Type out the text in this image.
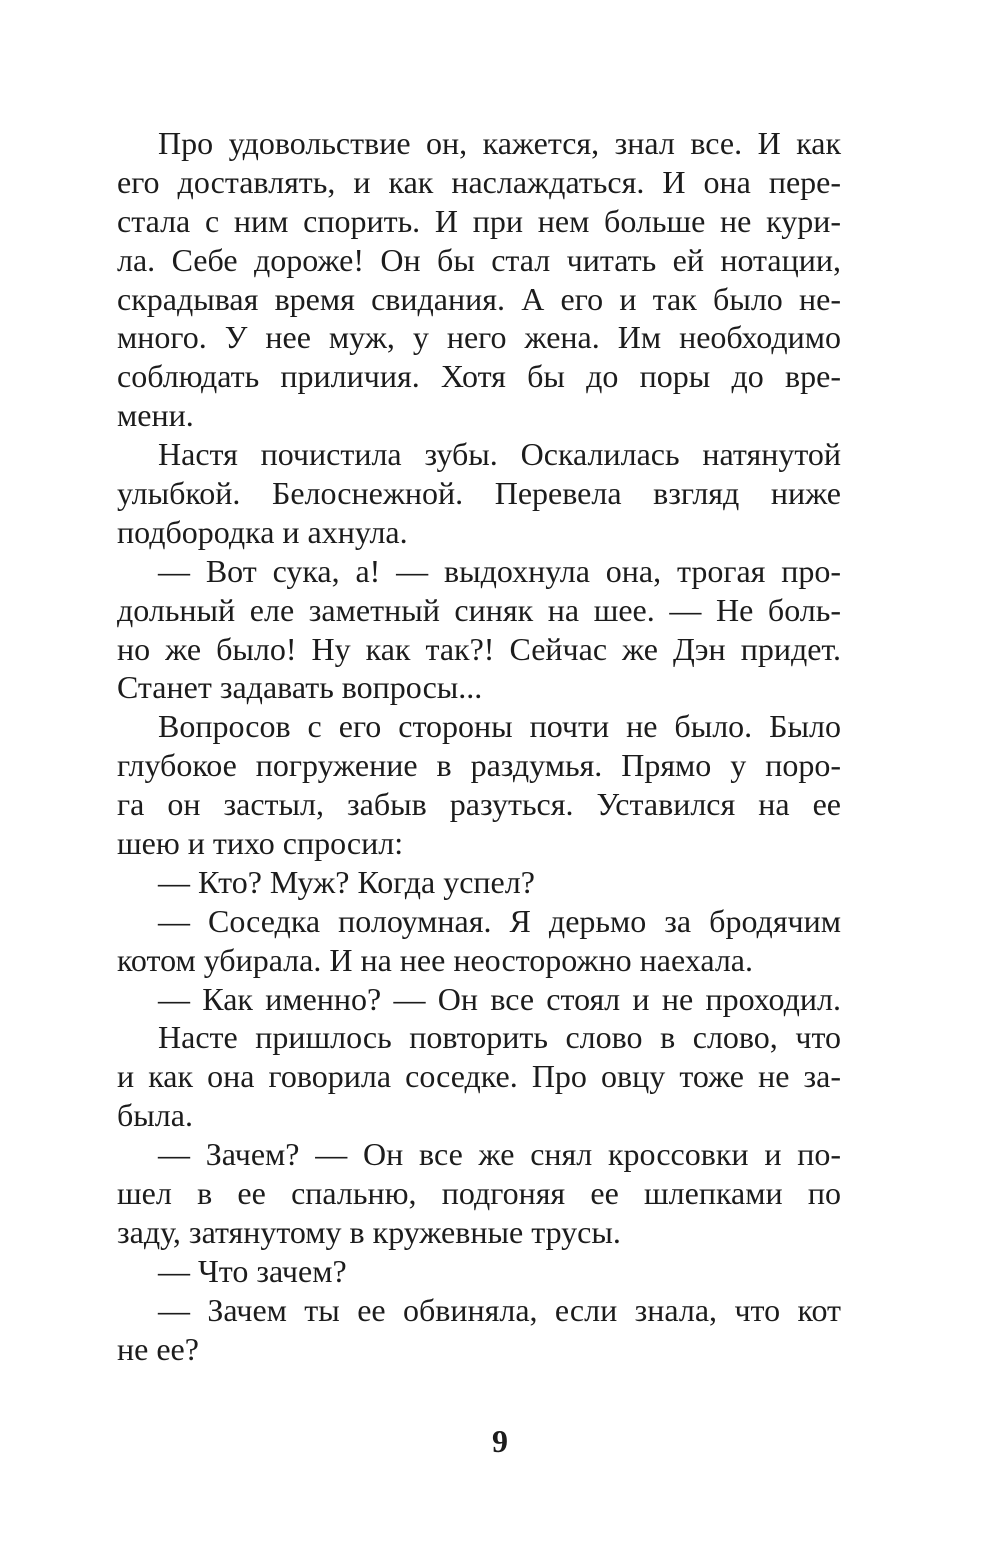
Про удовольствие он, кажется, знал все. И как
его доставлять, и как наслаждаться. И она пере-
стала с ним спорить. И при нем больше не кури-
ла. Себе дороже! Он бы стал читать ей нотации,
скрадывая время свидания. А его и так было не-
много. У нее муж, у него жена. Им необходимо
соблюдать приличия. Хотя бы до поры до вре-
мени.
Настя почистила зубы. Оскалилась натянутой
улыбкой. Белоснежной. Перевела взгляд ниже
подбородка и ахнула.
— Вот сука, а! — выдохнула она, трогая про-
дольный еле заметный синяк на шее. — Не боль-
но же было! Ну как так?! Сейчас же Дэн придет.
Станет задавать вопросы...
Вопросов с его стороны почти не было. Было
глубокое погружение в раздумья. Прямо у поро-
га он застыл, забыв разуться. Уставился на ее
шею и тихо спросил:
— Кто? Муж? Когда успел?
— Соседка полоумная. Я дерьмо за бродячим
котом убирала. И на нее неосторожно наехала.
— Как именно? — Он все стоял и не проходил.
Насте пришлось повторить слово в слово, что
и как она говорила соседке. Про овцу тоже не за-
была.
— Зачем? — Он все же снял кроссовки и по-
шел в ее спальню, подгоняя ее шлепками по
заду, затянутому в кружевные трусы.
— Что зачем?
— Зачем ты ее обвиняла, если знала, что кот
не ее?
9
